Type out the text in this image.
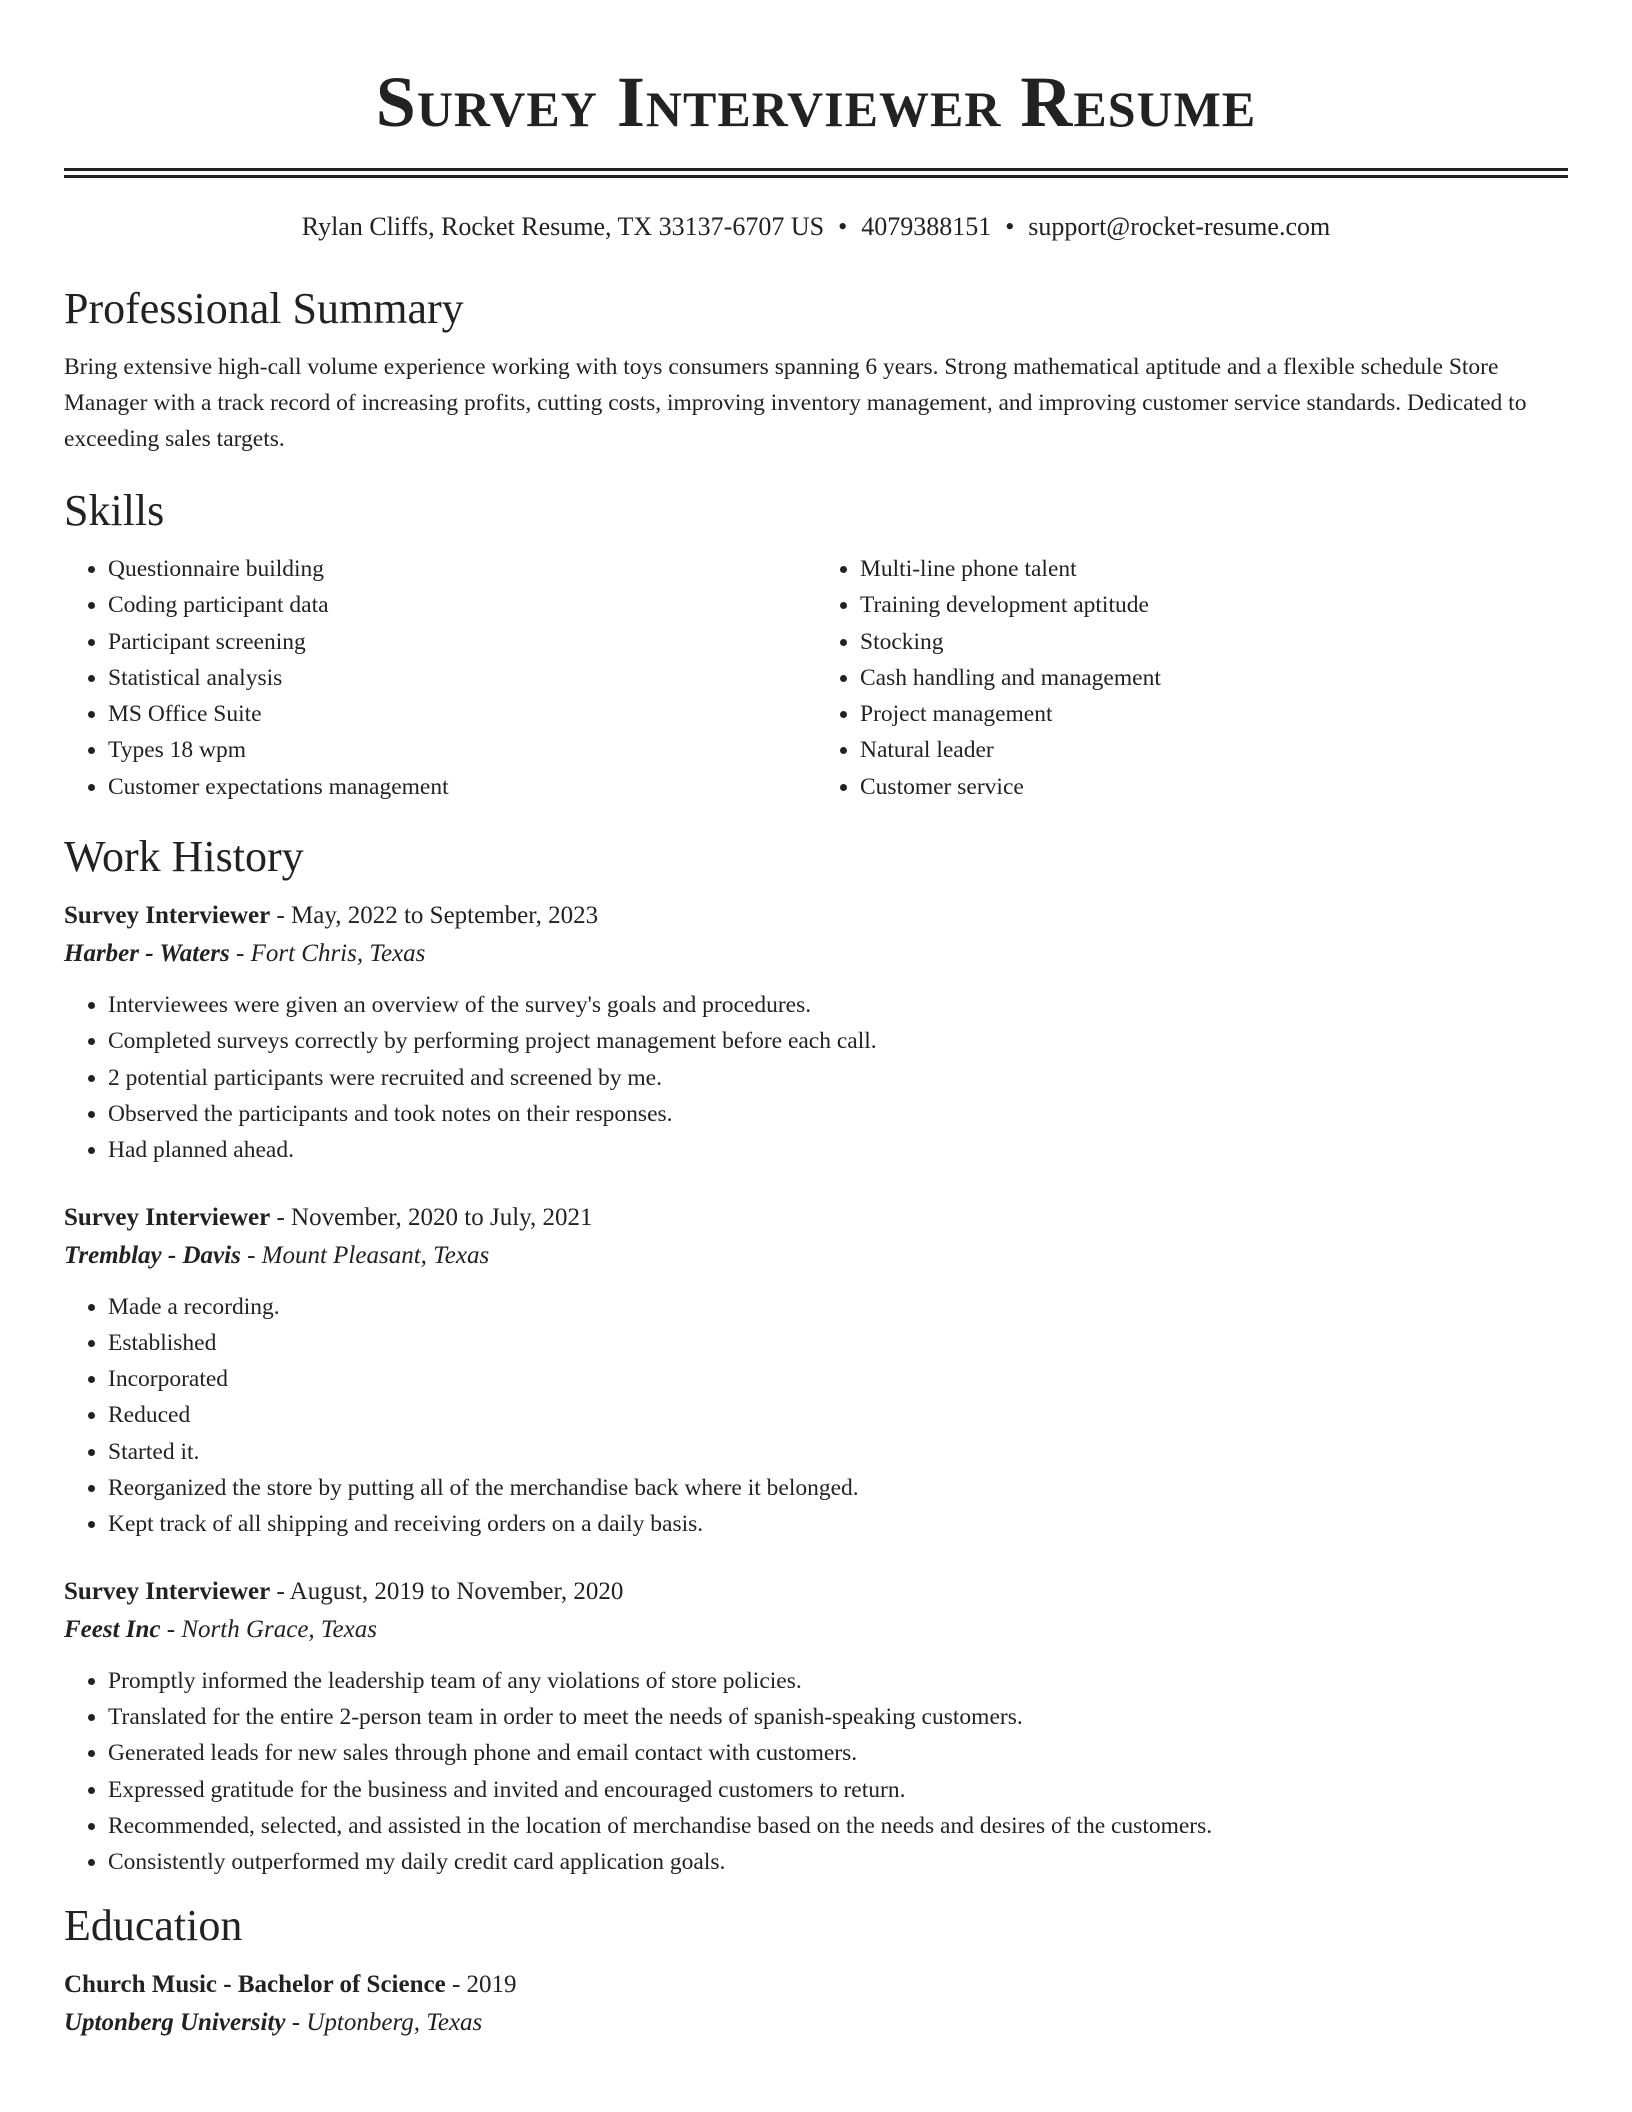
Survey Interviewer Resume
Rylan Cliffs, Rocket Resume, TX 33137-6707 US • 4079388151 • support@rocket-resume.com
Professional Summary
Bring extensive high-call volume experience working with toys consumers spanning 6 years. Strong mathematical aptitude and a flexible schedule Store Manager with a track record of increasing profits, cutting costs, improving inventory management, and improving customer service standards. Dedicated to exceeding sales targets.
Skills
• Questionnaire building
• Coding participant data
• Participant screening
• Statistical analysis
• MS Office Suite
• Types 18 wpm
• Customer expectations management
• Multi-line phone talent
• Training development aptitude
• Stocking
• Cash handling and management
• Project management
• Natural leader
• Customer service
Work History
Survey Interviewer - May, 2022 to September, 2023
Harber - Waters - Fort Chris, Texas
• Interviewees were given an overview of the survey's goals and procedures.
• Completed surveys correctly by performing project management before each call.
• 2 potential participants were recruited and screened by me.
• Observed the participants and took notes on their responses.
• Had planned ahead.
Survey Interviewer - November, 2020 to July, 2021
Tremblay - Davis - Mount Pleasant, Texas
• Made a recording.
• Established
• Incorporated
• Reduced
• Started it.
• Reorganized the store by putting all of the merchandise back where it belonged.
• Kept track of all shipping and receiving orders on a daily basis.
Survey Interviewer - August, 2019 to November, 2020
Feest Inc - North Grace, Texas
• Promptly informed the leadership team of any violations of store policies.
• Translated for the entire 2-person team in order to meet the needs of spanish-speaking customers.
• Generated leads for new sales through phone and email contact with customers.
• Expressed gratitude for the business and invited and encouraged customers to return.
• Recommended, selected, and assisted in the location of merchandise based on the needs and desires of the customers.
• Consistently outperformed my daily credit card application goals.
Education
Church Music - Bachelor of Science - 2019
Uptonberg University - Uptonberg, Texas
